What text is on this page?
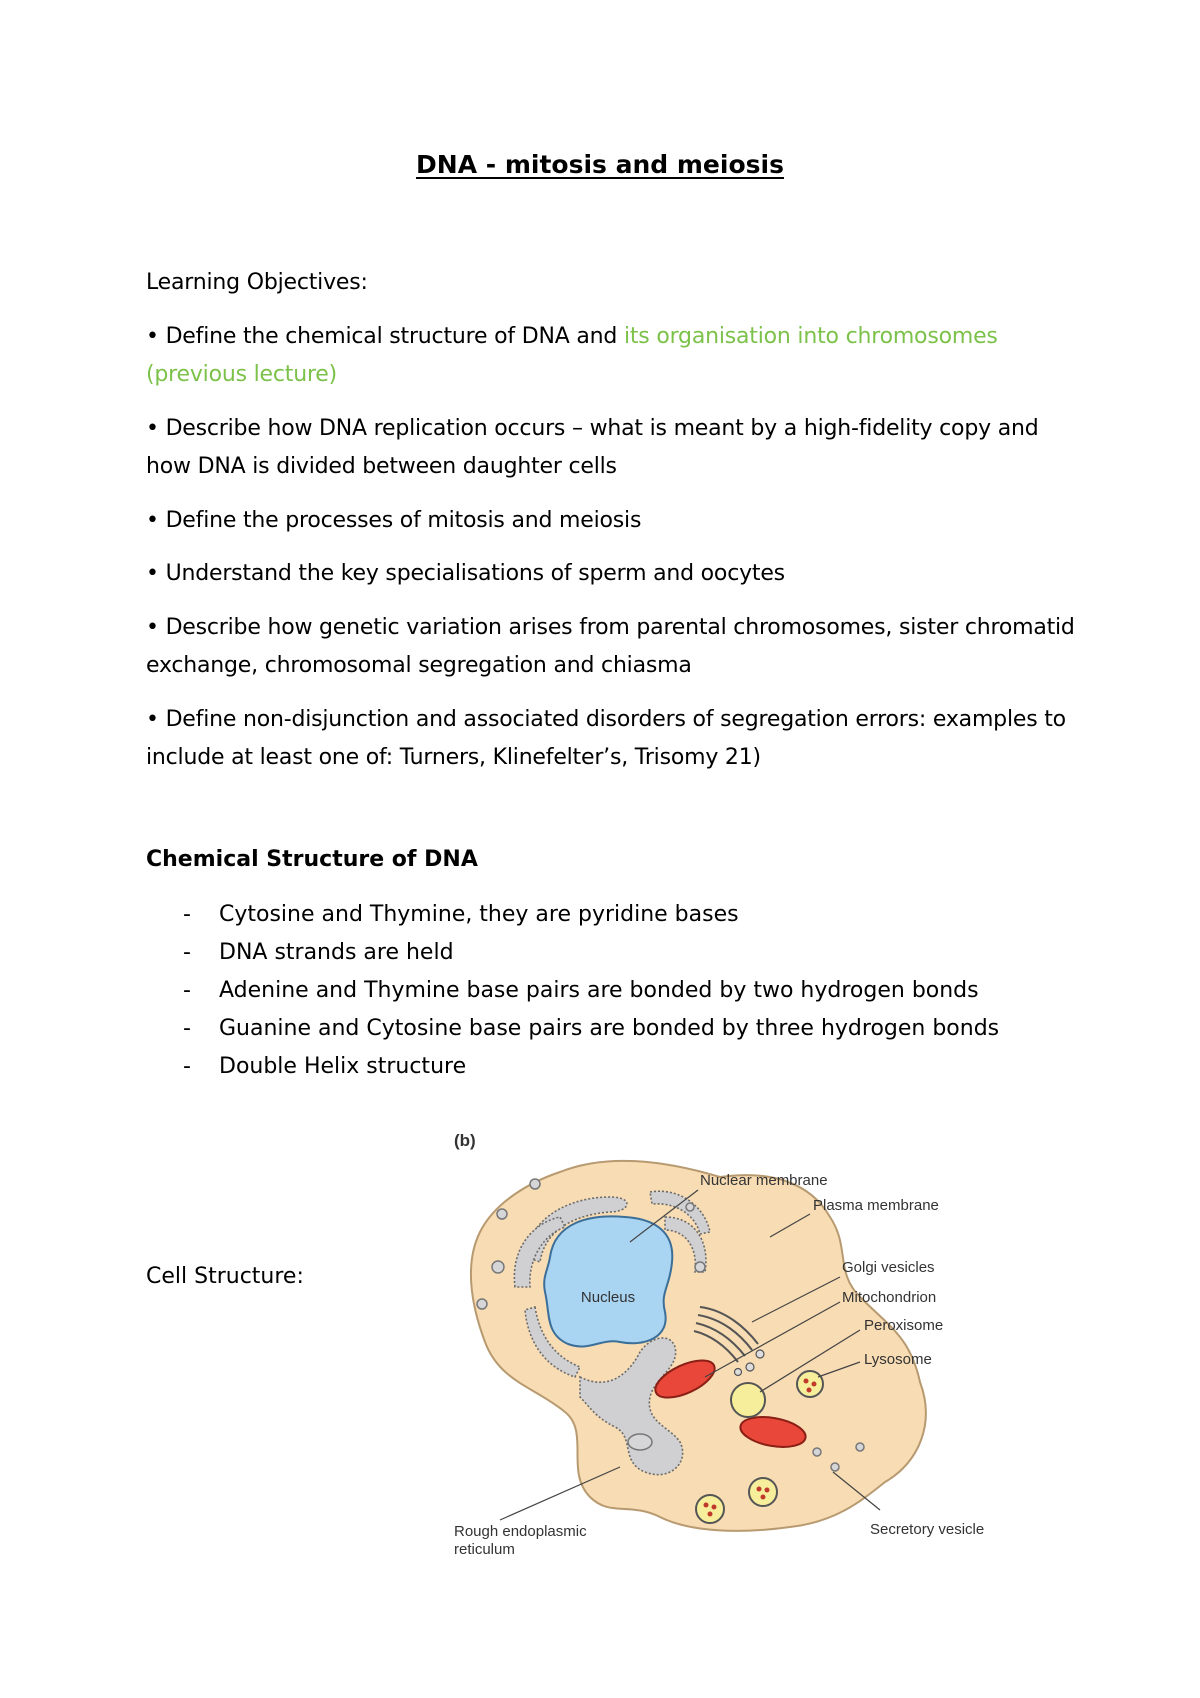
DNA - mitosis and meiosis
Learning Objectives:
• Define the chemical structure of DNA and its organisation into chromosomes (previous lecture)
• Describe how DNA replication occurs – what is meant by a high-fidelity copy and how DNA is divided between daughter cells
• Define the processes of mitosis and meiosis
• Understand the key specialisations of sperm and oocytes
• Describe how genetic variation arises from parental chromosomes, sister chromatid exchange, chromosomal segregation and chiasma
• Define non-disjunction and associated disorders of segregation errors: examples to include at least one of: Turners, Klinefelter’s, Trisomy 21)
Chemical Structure of DNA
- Cytosine and Thymine, they are pyridine bases
- DNA strands are held
- Adenine and Thymine base pairs are bonded by two hydrogen bonds
- Guanine and Cytosine base pairs are bonded by three hydrogen bonds
- Double Helix structure
Cell Structure:
(b)
Nucleus
Nuclear membrane
Plasma membrane
Golgi vesicles
Mitochondrion
Peroxisome
Lysosome
Rough endoplasmic
reticulum
Secretory vesicle
